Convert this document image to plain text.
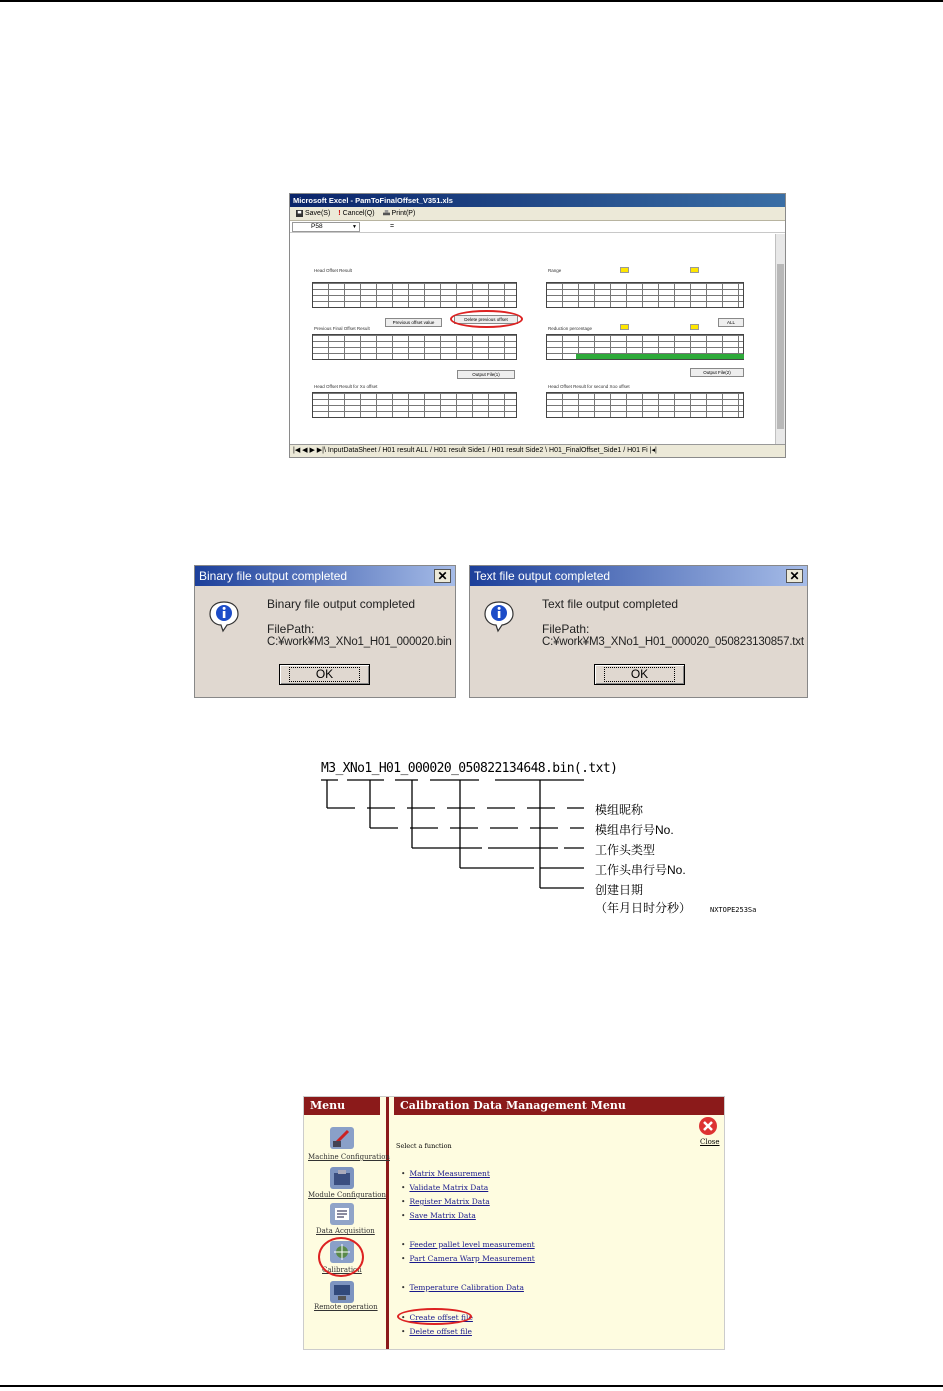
Microsoft Excel - PamToFinalOffset_V351.xls
Save(S) ! Cancel(Q) Print(P)
P58	▼	=
Head Offset Result
Previous offset value
Delete previous offset
Previous Final Offset Result
Output File(1)
Head Offset Result for Xo offset
Range
Reduction percentage
ALL
Output File(2)
Head Offset Result for second Xoo offset
|◀ ◀ ▶ ▶|\ InputDataSheet / H01 result ALL / H01 result Side1 / H01 result Side2 \ H01_FinalOffset_Side1 / H01 Fi |◂|
Binary file output completed	✕
Binary file output completed
FilePath:
C:¥work¥M3_XNo1_H01_000020.bin
OK
Text file output completed	✕
Text file output completed
FilePath:
C:¥work¥M3_XNo1_H01_000020_050823130857.txt
OK
M3_XNo1_H01_000020_050822134648.bin(.txt)
模组昵称
模组串行号No.
工作头类型
工作头串行号No.
创建日期
（年月日时分秒）	NXTOPE253Sa
Menu	Calibration Data Management Menu
Machine Configuration
Module Configuration
Data Acquisition
Calibration
Remote operation
Select a function	Close
• Matrix Measurement
• Validate Matrix Data
• Register Matrix Data
• Save Matrix Data
• Feeder pallet level measurement
• Part Camera Warp Measurement
• Temperature Calibration Data
• Create offset file
• Delete offset file
